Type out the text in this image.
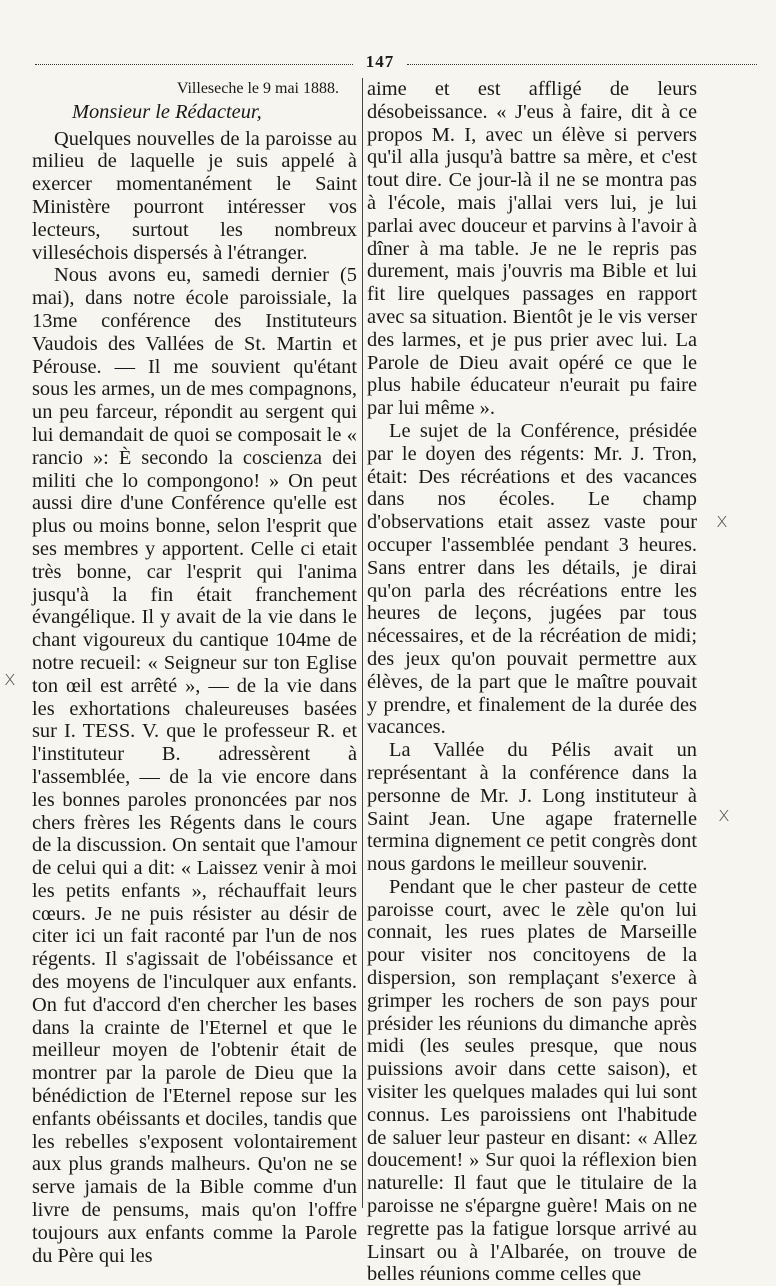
147

Villeseche le 9 mai 1888.

Monsieur le Rédacteur,

Quelques nouvelles de la paroisse au milieu de laquelle je suis appelé à exercer momentanément le Saint Ministère pourront intéresser vos lecteurs, surtout les nombreux villeséchois dispersés à l'étranger.

Nous avons eu, samedi dernier (5 mai), dans notre école paroissiale, la 13me conférence des Instituteurs Vaudois des Vallées de St. Martin et Pérouse. — Il me souvient qu'étant sous les armes, un de mes compagnons, un peu farceur, répondit au sergent qui lui demandait de quoi se composait le « rancio »: È secondo la coscienza dei militi che lo compongono! » On peut aussi dire d'une Conférence qu'elle est plus ou moins bonne, selon l'esprit que ses membres y apportent. Celle ci etait très bonne, car l'esprit qui l'anima jusqu'à la fin était franchement évangélique. Il y avait de la vie dans le chant vigoureux du cantique 104me de notre recueil: « Seigneur sur ton Eglise ton œil est arrêté », — de la vie dans les exhortations chaleureuses basées sur I. TESS. V. que le professeur R. et l'instituteur B. adressèrent à l'assemblée, — de la vie encore dans les bonnes paroles prononcées par nos chers frères les Régents dans le cours de la discussion. On sentait que l'amour de celui qui a dit: « Laissez venir à moi les petits enfants », réchauffait leurs cœurs. Je ne puis résister au désir de citer ici un fait raconté par l'un de nos régents. Il s'agissait de l'obéissance et des moyens de l'inculquer aux enfants. On fut d'accord d'en chercher les bases dans la crainte de l'Eternel et que le meilleur moyen de l'obtenir était de montrer par la parole de Dieu que la bénédiction de l'Eternel repose sur les enfants obéissants et dociles, tandis que les rebelles s'exposent volontairement aux plus grands malheurs. Qu'on ne se serve jamais de la Bible comme d'un livre de pensums, mais qu'on l'offre toujours aux enfants comme la Parole du Père qui les

aime et est affligé de leurs désobeissance. « J'eus à faire, dit à ce propos M. I, avec un élève si pervers qu'il alla jusqu'à battre sa mère, et c'est tout dire. Ce jour-là il ne se montra pas à l'école, mais j'allai vers lui, je lui parlai avec douceur et parvins à l'avoir à dîner à ma table. Je ne le repris pas durement, mais j'ouvris ma Bible et lui fit lire quelques passages en rapport avec sa situation. Bientôt je le vis verser des larmes, et je pus prier avec lui. La Parole de Dieu avait opéré ce que le plus habile éducateur n'eurait pu faire par lui même ».

Le sujet de la Conférence, présidée par le doyen des régents: Mr. J. Tron, était: Des récréations et des vacances dans nos écoles. Le champ d'observations etait assez vaste pour occuper l'assemblée pendant 3 heures. Sans entrer dans les détails, je dirai qu'on parla des récréations entre les heures de leçons, jugées par tous nécessaires, et de la récréation de midi; des jeux qu'on pouvait permettre aux élèves, de la part que le maître pouvait y prendre, et finalement de la durée des vacances.

La Vallée du Pélis avait un représentant à la conférence dans la personne de Mr. J. Long instituteur à Saint Jean. Une agape fraternelle termina dignement ce petit congrès dont nous gardons le meilleur souvenir.

Pendant que le cher pasteur de cette paroisse court, avec le zèle qu'on lui connait, les rues plates de Marseille pour visiter nos concitoyens de la dispersion, son remplaçant s'exerce à grimper les rochers de son pays pour présider les réunions du dimanche après midi (les seules presque, que nous puissions avoir dans cette saison), et visiter les quelques malades qui lui sont connus. Les paroissiens ont l'habitude de saluer leur pasteur en disant: « Allez doucement! » Sur quoi la réflexion bien naturelle: Il faut que le titulaire de la paroisse ne s'épargne guère! Mais on ne regrette pas la fatigue lorsque arrivé au Linsart ou à l'Albarée, on trouve de belles réunions comme celles que

x
x
x
